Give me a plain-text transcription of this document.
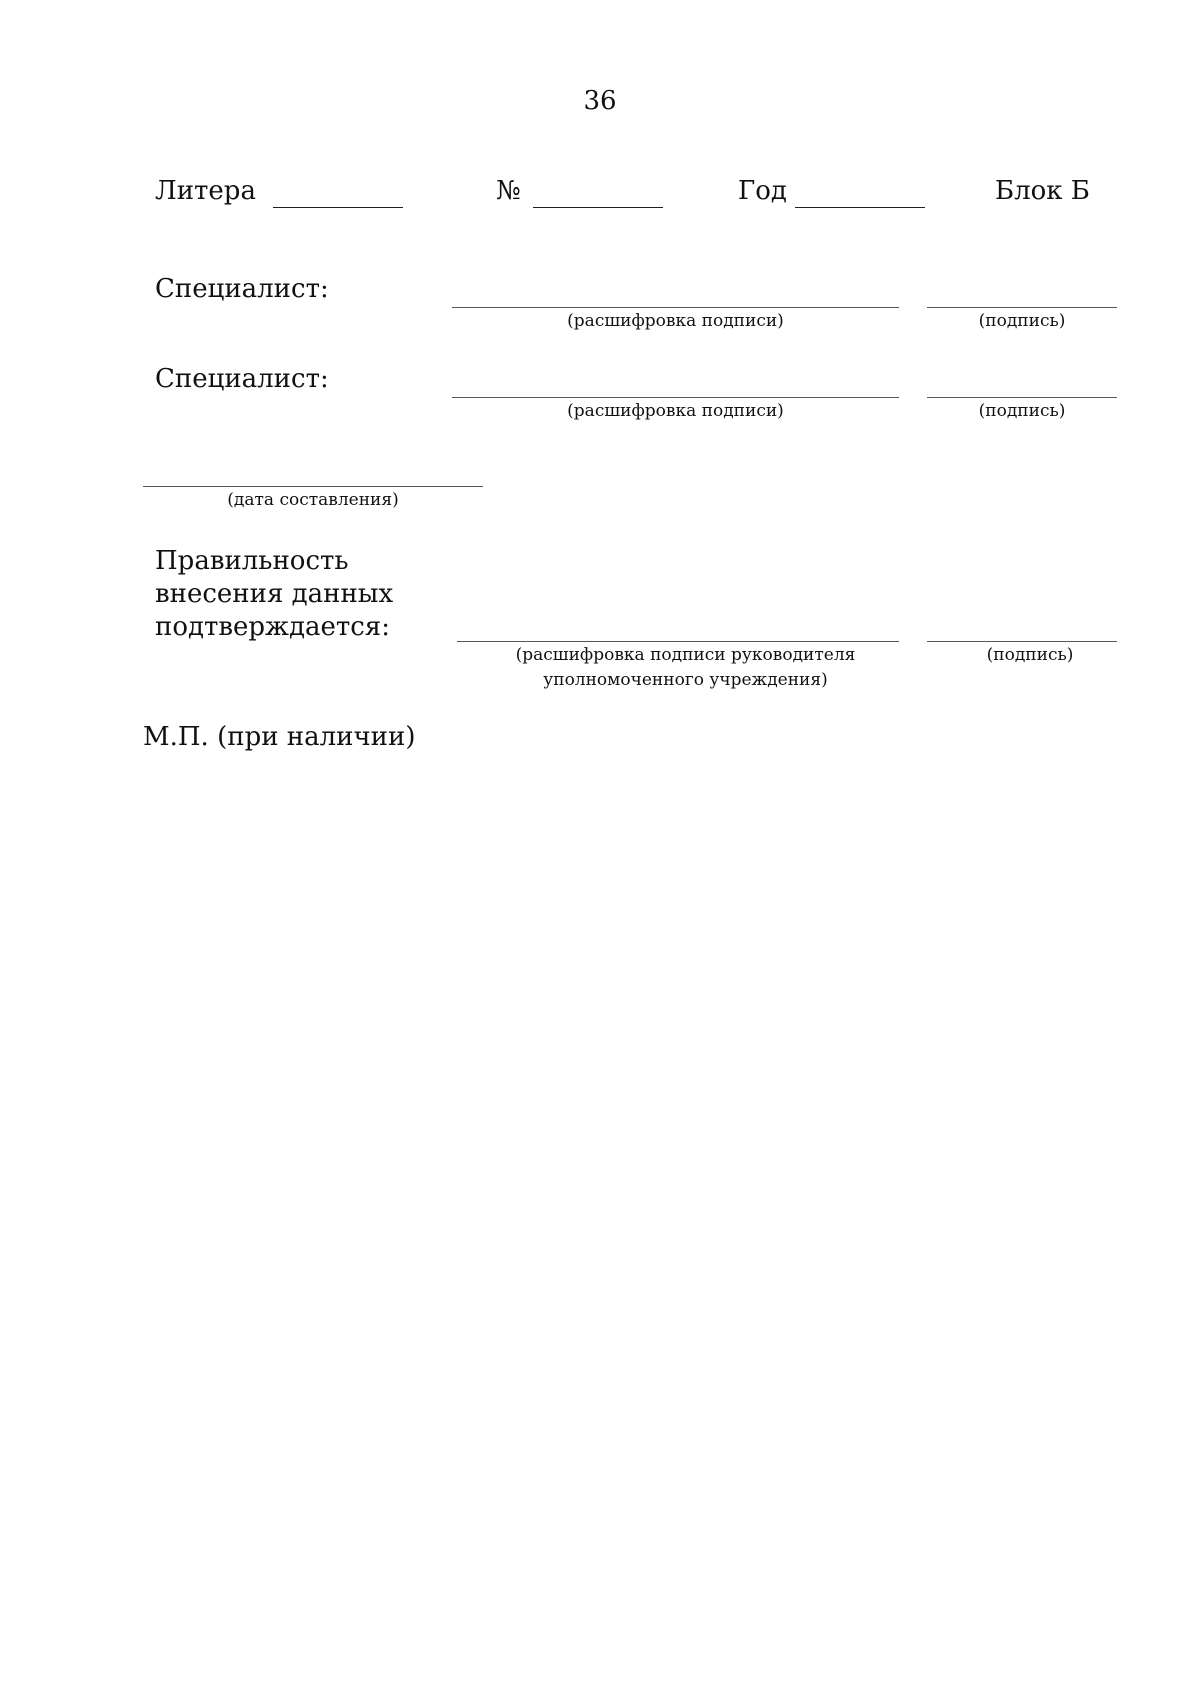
36
Литера	№	Год	Блок Б
Специалист:
(расшифровка подписи)	(подпись)
Специалист:
(расшифровка подписи)	(подпись)
(дата составления)
Правильность
внесения данных
подтверждается:
(расшифровка подписи руководителя
уполномоченного учреждения)
(подпись)
М.П. (при наличии)
